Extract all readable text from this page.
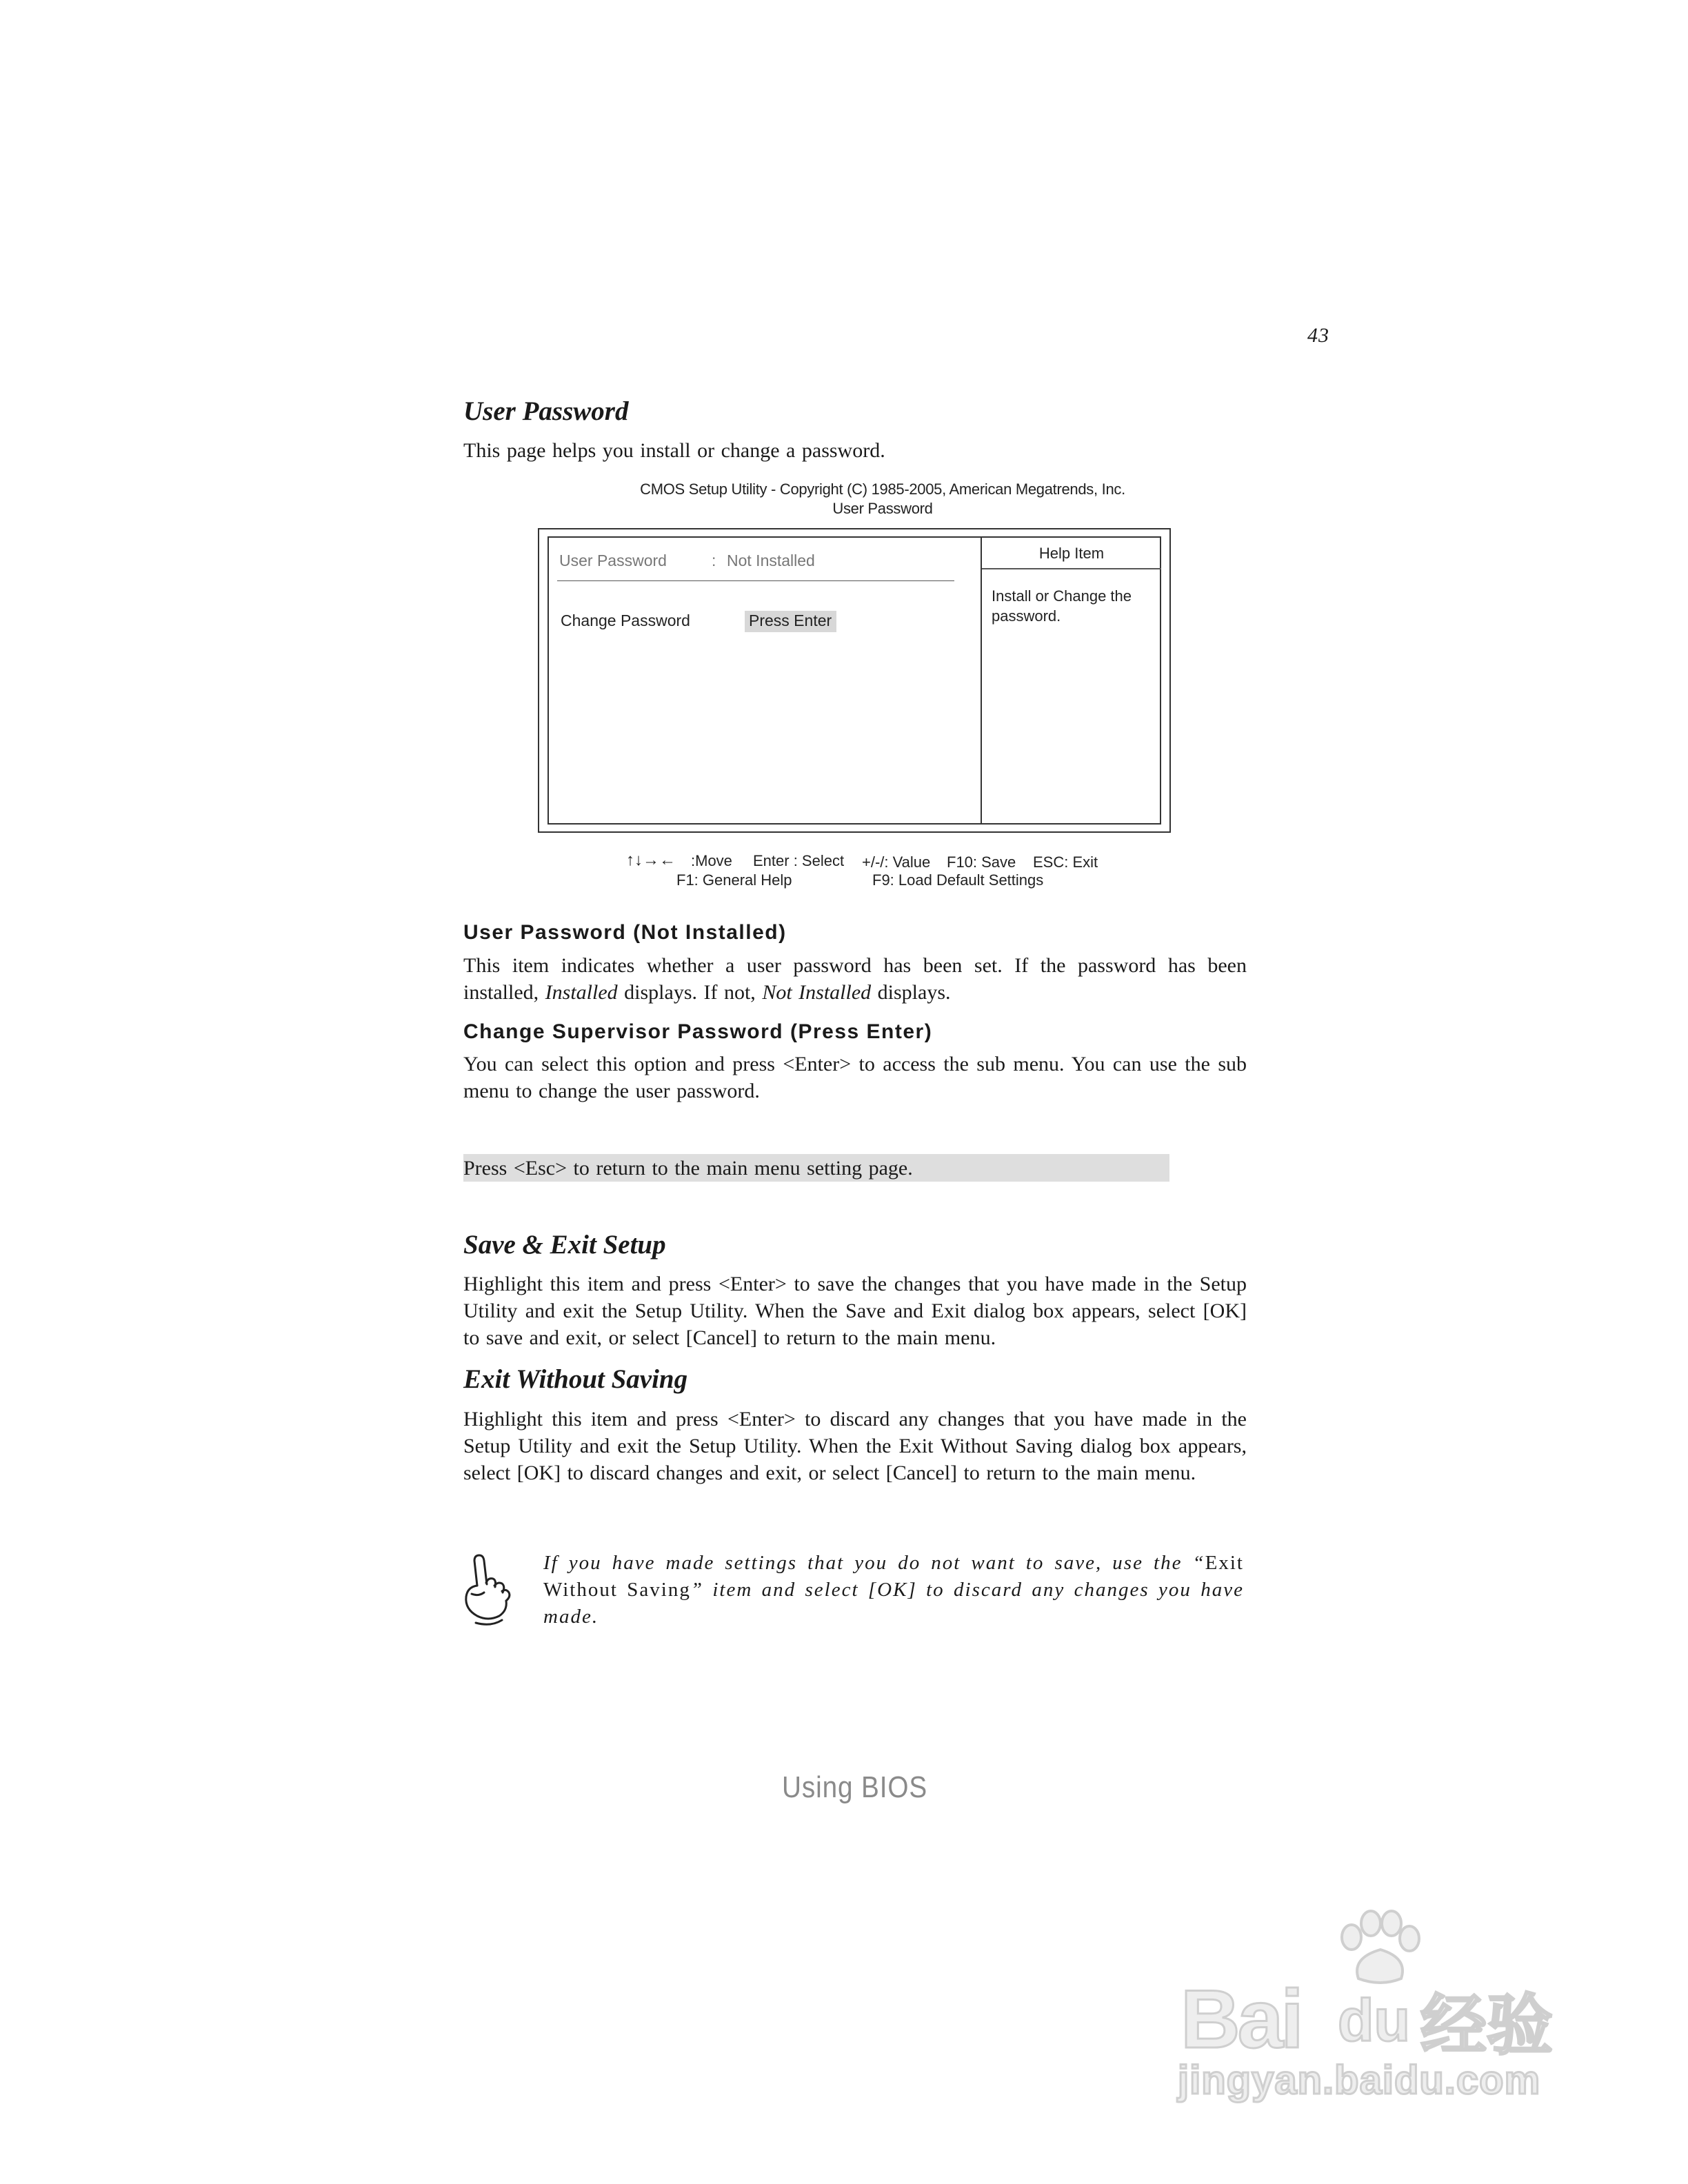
43
User Password
This page helps you install or change a password.
CMOS Setup Utility - Copyright (C) 1985-2005, American Megatrends, Inc.
User Password
User Password	: Not Installed
Change Password	Press Enter
Help Item
Install or Change the password.
↑↓→← :Move Enter : Select +/-/: Value F10: Save ESC: Exit
F1: General Help	F9: Load Default Settings
User Password (Not Installed)
This item indicates whether a user password has been set. If the password has been installed, Installed displays. If not, Not Installed displays.
Change Supervisor Password (Press Enter)
You can select this option and press <Enter> to access the sub menu. You can use the sub menu to change the user password.
Press <Esc> to return to the main menu setting page.
Save & Exit Setup
Highlight this item and press <Enter> to save the changes that you have made in the Setup Utility and exit the Setup Utility. When the Save and Exit dialog box appears, select [OK] to save and exit, or select [Cancel] to return to the main menu.
Exit Without Saving
Highlight this item and press <Enter> to discard any changes that you have made in the Setup Utility and exit the Setup Utility. When the Exit Without Saving dialog box appears, select [OK] to discard changes and exit, or select [Cancel] to return to the main menu.
If you have made settings that you do not want to save, use the “Exit Without Saving” item and select [OK] to discard any changes you have made.
Using BIOS
Bai du 经验
jingyan.baidu.com
